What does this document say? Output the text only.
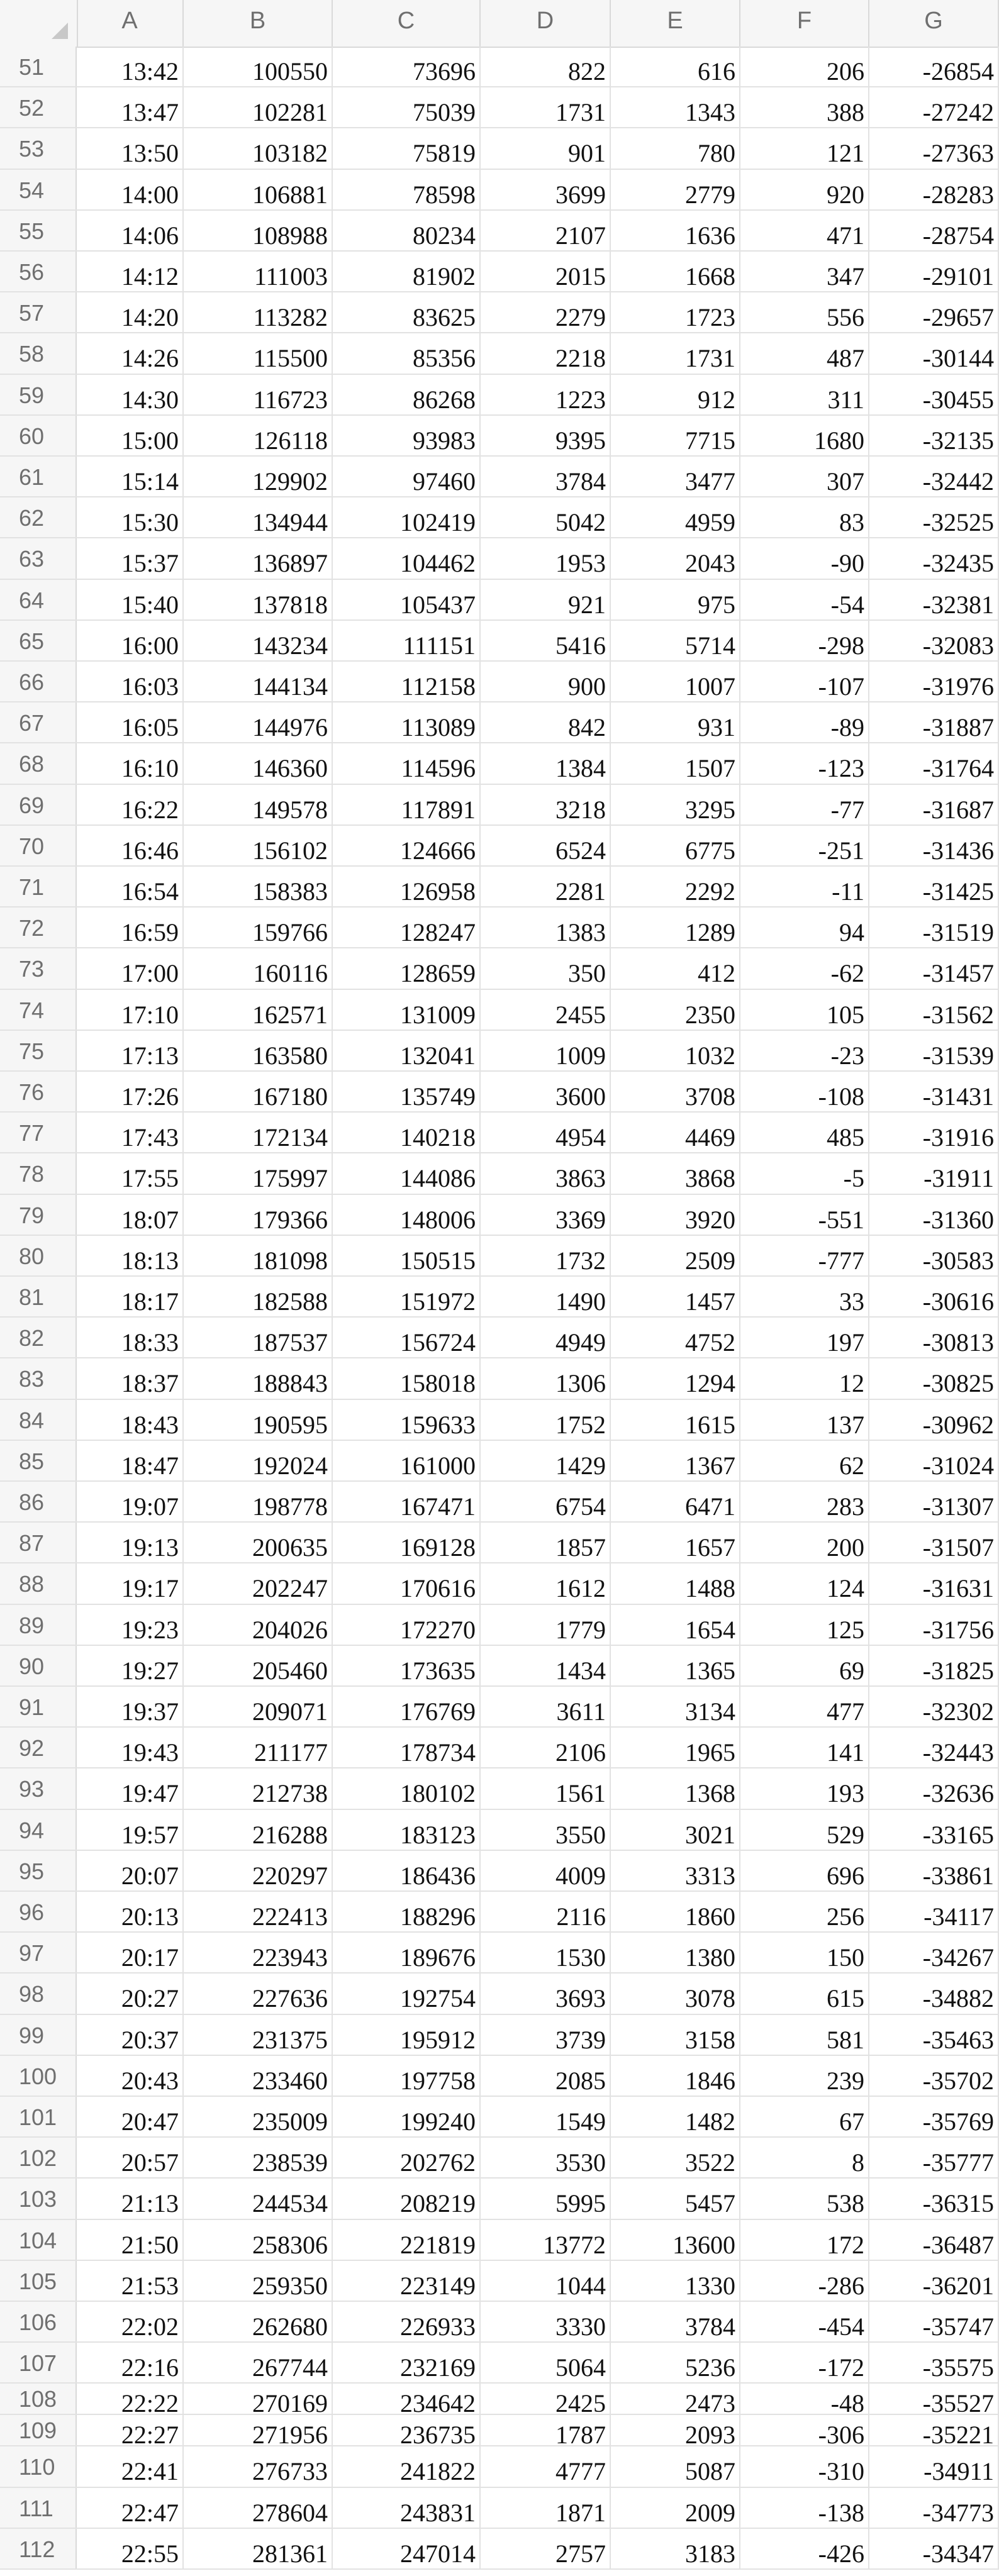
A	B	C	D	E	F	G
51	13:42	100550	73696	822	616	206	-26854
52	13:47	102281	75039	1731	1343	388	-27242
53	13:50	103182	75819	901	780	121	-27363
54	14:00	106881	78598	3699	2779	920	-28283
55	14:06	108988	80234	2107	1636	471	-28754
56	14:12	111003	81902	2015	1668	347	-29101
57	14:20	113282	83625	2279	1723	556	-29657
58	14:26	115500	85356	2218	1731	487	-30144
59	14:30	116723	86268	1223	912	311	-30455
60	15:00	126118	93983	9395	7715	1680	-32135
61	15:14	129902	97460	3784	3477	307	-32442
62	15:30	134944	102419	5042	4959	83	-32525
63	15:37	136897	104462	1953	2043	-90	-32435
64	15:40	137818	105437	921	975	-54	-32381
65	16:00	143234	111151	5416	5714	-298	-32083
66	16:03	144134	112158	900	1007	-107	-31976
67	16:05	144976	113089	842	931	-89	-31887
68	16:10	146360	114596	1384	1507	-123	-31764
69	16:22	149578	117891	3218	3295	-77	-31687
70	16:46	156102	124666	6524	6775	-251	-31436
71	16:54	158383	126958	2281	2292	-11	-31425
72	16:59	159766	128247	1383	1289	94	-31519
73	17:00	160116	128659	350	412	-62	-31457
74	17:10	162571	131009	2455	2350	105	-31562
75	17:13	163580	132041	1009	1032	-23	-31539
76	17:26	167180	135749	3600	3708	-108	-31431
77	17:43	172134	140218	4954	4469	485	-31916
78	17:55	175997	144086	3863	3868	-5	-31911
79	18:07	179366	148006	3369	3920	-551	-31360
80	18:13	181098	150515	1732	2509	-777	-30583
81	18:17	182588	151972	1490	1457	33	-30616
82	18:33	187537	156724	4949	4752	197	-30813
83	18:37	188843	158018	1306	1294	12	-30825
84	18:43	190595	159633	1752	1615	137	-30962
85	18:47	192024	161000	1429	1367	62	-31024
86	19:07	198778	167471	6754	6471	283	-31307
87	19:13	200635	169128	1857	1657	200	-31507
88	19:17	202247	170616	1612	1488	124	-31631
89	19:23	204026	172270	1779	1654	125	-31756
90	19:27	205460	173635	1434	1365	69	-31825
91	19:37	209071	176769	3611	3134	477	-32302
92	19:43	211177	178734	2106	1965	141	-32443
93	19:47	212738	180102	1561	1368	193	-32636
94	19:57	216288	183123	3550	3021	529	-33165
95	20:07	220297	186436	4009	3313	696	-33861
96	20:13	222413	188296	2116	1860	256	-34117
97	20:17	223943	189676	1530	1380	150	-34267
98	20:27	227636	192754	3693	3078	615	-34882
99	20:37	231375	195912	3739	3158	581	-35463
100	20:43	233460	197758	2085	1846	239	-35702
101	20:47	235009	199240	1549	1482	67	-35769
102	20:57	238539	202762	3530	3522	8	-35777
103	21:13	244534	208219	5995	5457	538	-36315
104	21:50	258306	221819	13772	13600	172	-36487
105	21:53	259350	223149	1044	1330	-286	-36201
106	22:02	262680	226933	3330	3784	-454	-35747
107	22:16	267744	232169	5064	5236	-172	-35575
108	22:22	270169	234642	2425	2473	-48	-35527
109	22:27	271956	236735	1787	2093	-306	-35221
110	22:41	276733	241822	4777	5087	-310	-34911
111	22:47	278604	243831	1871	2009	-138	-34773
112	22:55	281361	247014	2757	3183	-426	-34347
